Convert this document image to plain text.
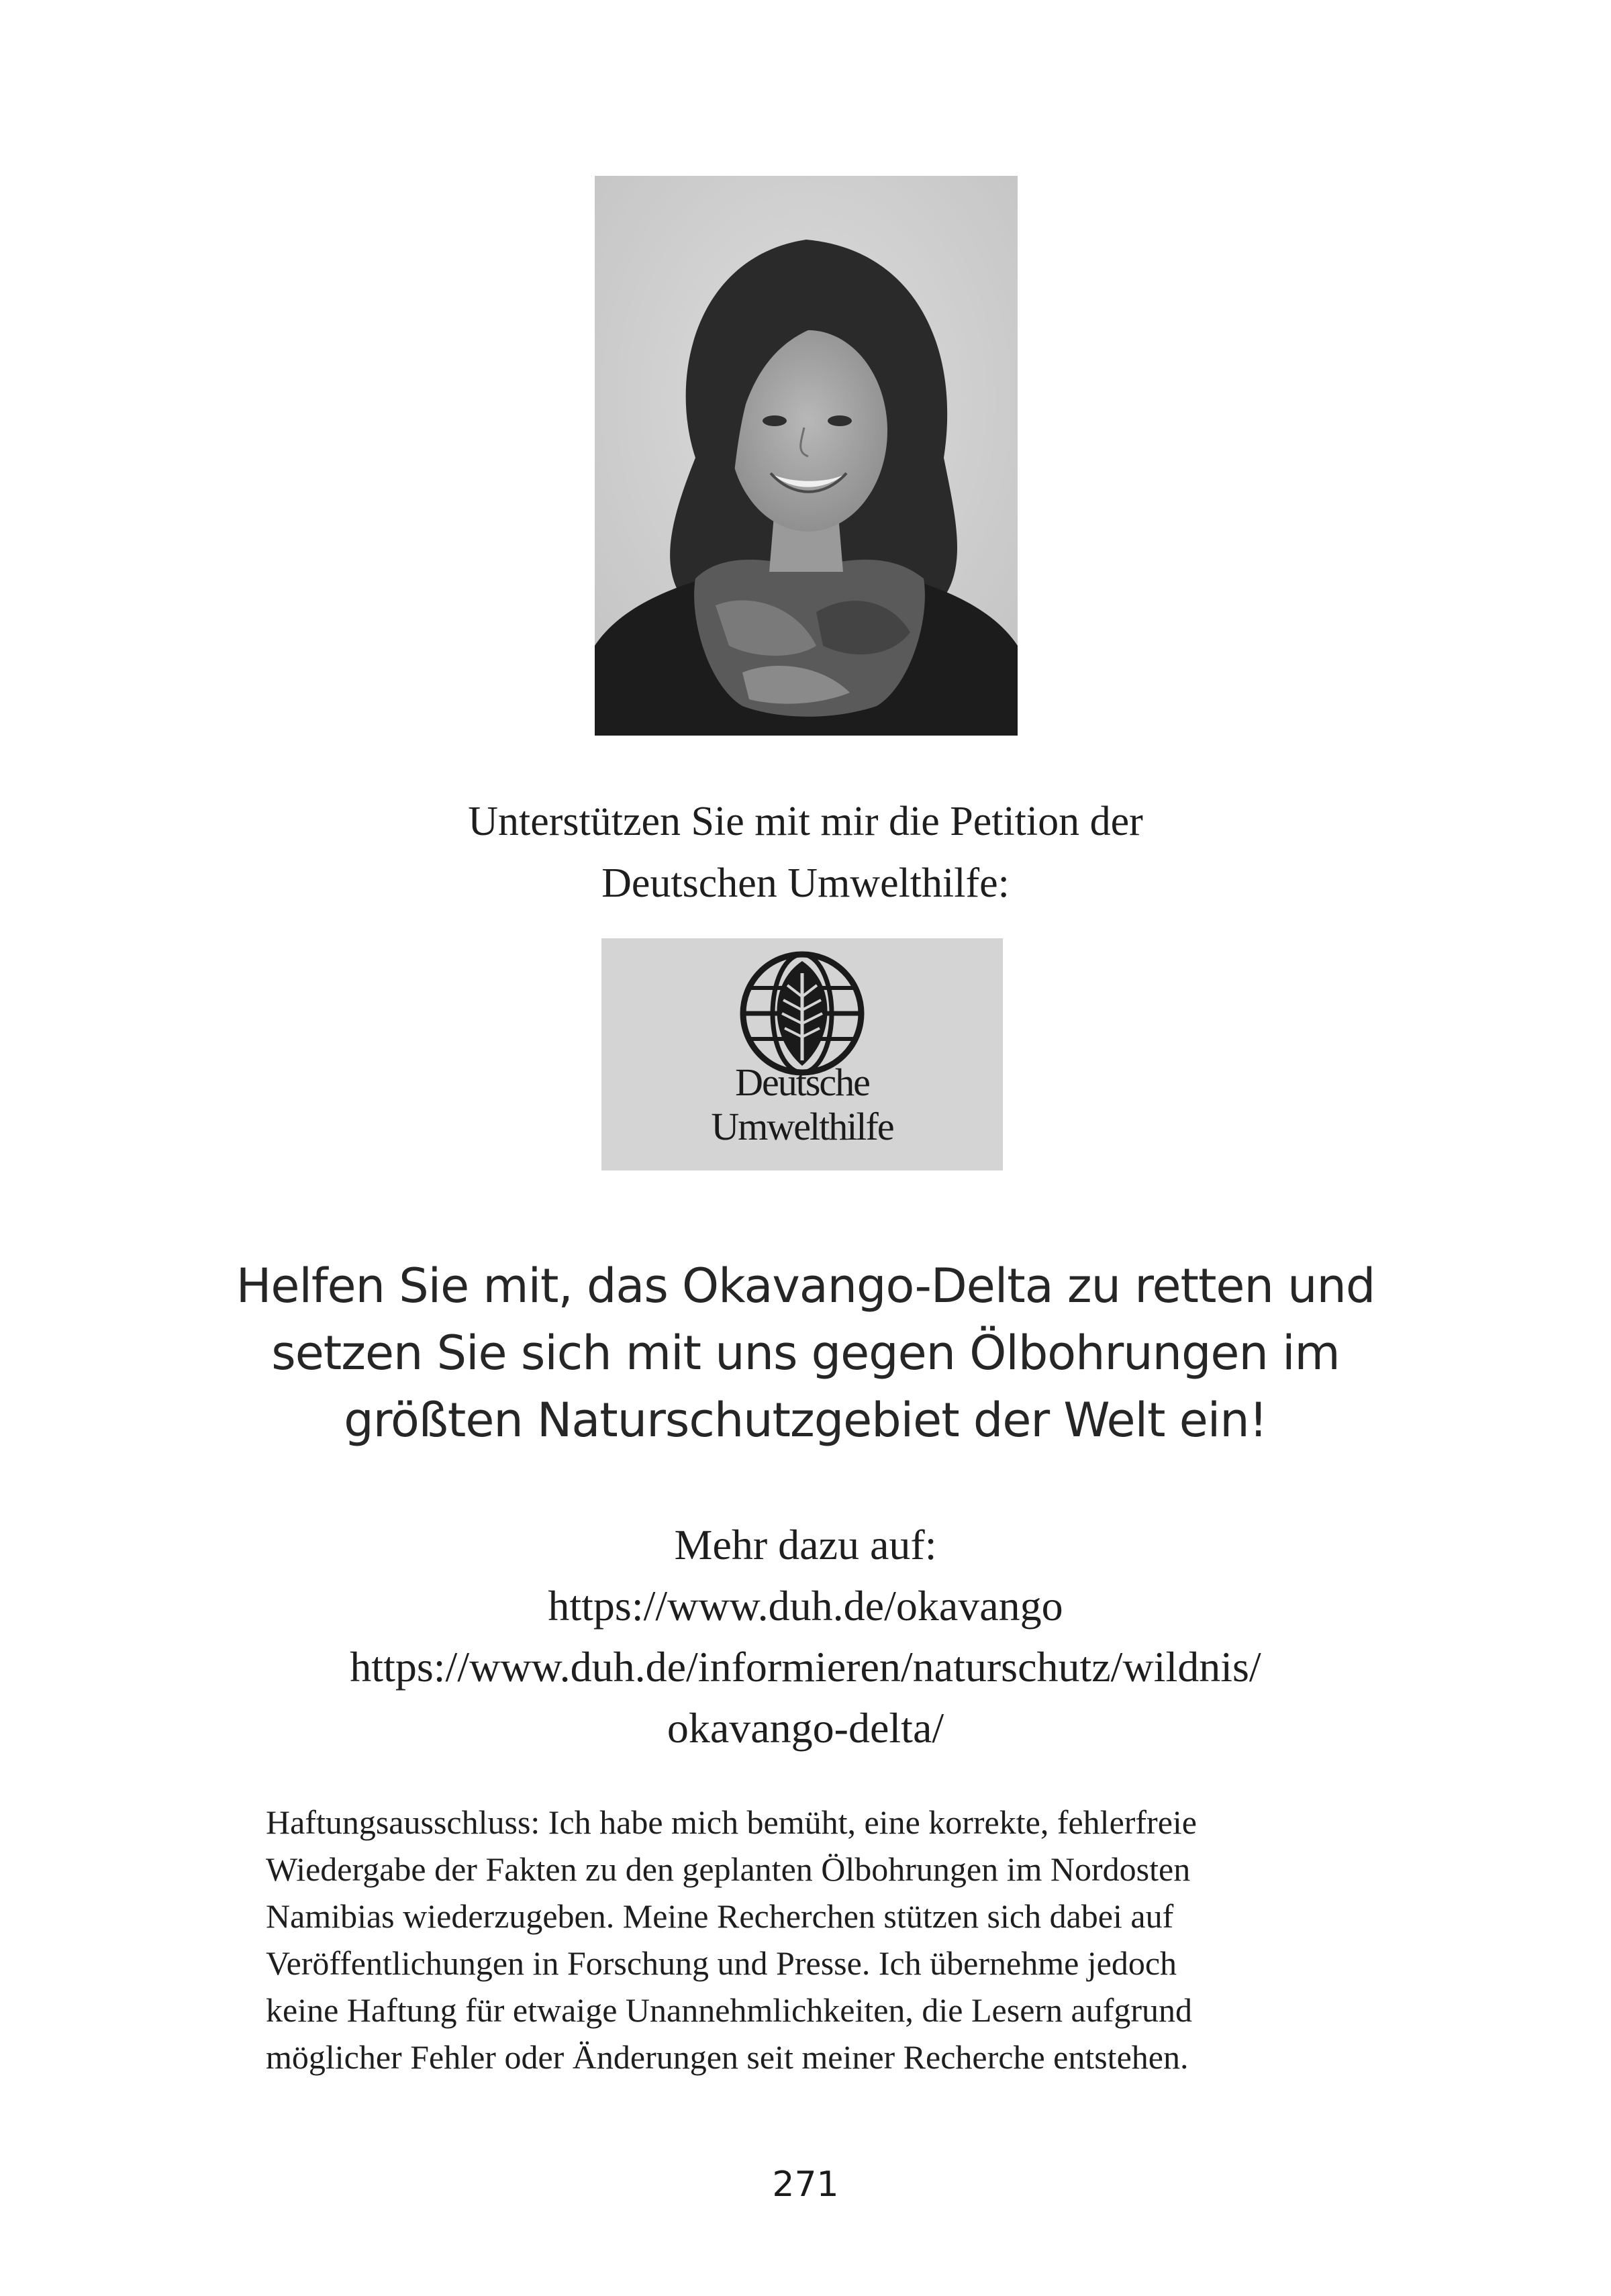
Unterstützen Sie mit mir die Petition der
Deutschen Umwelthilfe:
Deutsche
Umwelthilfe
Helfen Sie mit, das Okavango-Delta zu retten und
setzen Sie sich mit uns gegen Ölbohrungen im
größten Naturschutzgebiet der Welt ein!
Mehr dazu auf:
https://www.duh.de/okavango
https://www.duh.de/informieren/naturschutz/wildnis/
okavango-delta/
Haftungsausschluss: Ich habe mich bemüht, eine korrekte, fehlerfreie
Wiedergabe der Fakten zu den geplanten Ölbohrungen im Nordosten
Namibias wiederzugeben. Meine Recherchen stützen sich dabei auf
Veröffentlichungen in Forschung und Presse. Ich übernehme jedoch
keine Haftung für etwaige Unannehmlichkeiten, die Lesern aufgrund
möglicher Fehler oder Änderungen seit meiner Recherche entstehen.
271
